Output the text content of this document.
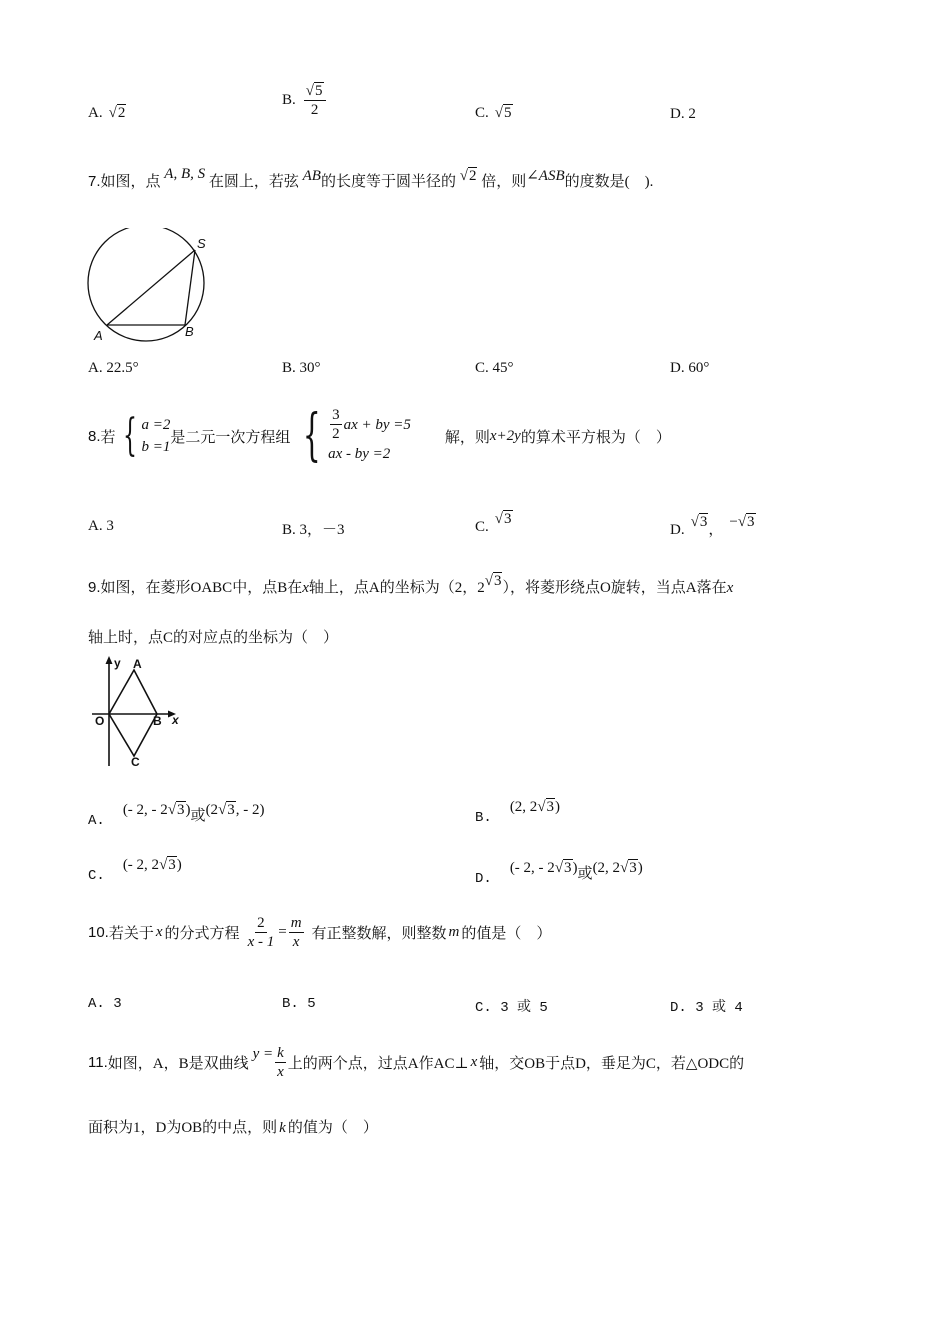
A. √2
B. $\frac{√5}{2}$	C. √5	D. 2
7.如图，点 A, B, S 在圆上，若弦 AB的长度等于圆半径的 √2 倍，则∠ASB的度数是(　).
A	B
S
A. 22.5°	B. 30°	C. 45°	D. 60°
8. 若 { a =2
b =1
是二元一次方程组 { $\frac{3}{2}$ ax + by =5
ax - by =2
解，则 x+2y 的算术平方根为（　）
A. 3	B. 3，－3	C. √3
D. √3， −√3
9.如图，在菱形OABC中，点B在x轴上，点A的坐标为（2，2√3），将菱形绕点O旋转，当点A落在x
轴上时，点C的对应点的坐标为（　）
y A
O	B x
C
A.(- 2, - 2√3)或(2√3, - 2)	B.(2, 2√3)
C.(- 2, 2√3)
D.(- 2, - 2√3)或(2, 2√3)
10. 若关于 x 的分式方程 $\frac{2}{x - 1} = \frac{m}{x}$ 有正整数解，则整数 m 的值是（　）
A. 3	B. 5	C. 3 或 5	D. 3 或 4
11. 如图，A，B是双曲线
$y = \frac{k}{x}$ 上的两个点，过点A作AC⊥ x 轴，交OB于点D，垂足为C，若△ODC的
面积为1，D为OB的中点，则 k 的值为（　）
